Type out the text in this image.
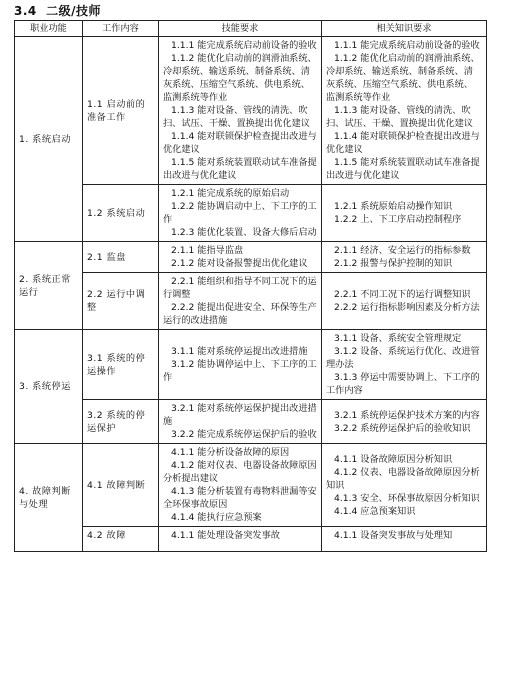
3.4 二级/技师
职业功能	工作内容	技能要求	相关知识要求
1. 系统启动	1.1 启动前的准备工作	1.1.1 能完成系统启动前设备的验收
1.1.2 能优化启动前的润滑油系统、冷却系统、输送系统、制备系统、清灰系统、压缩空气系统、供电系统、监测系统等作业
1.1.3 能对设备、管线的清洗、吹扫、试压、干燥、置换提出优化建议
1.1.4 能对联锁保护检查提出改进与优化建议
1.1.5 能对系统装置联动试车准备提出改进与优化建议	1.1.1 能完成系统启动前设备的验收
1.1.2 能优化启动前的润滑油系统、冷却系统、输送系统、制备系统、清灰系统、压缩空气系统、供电系统、监测系统等作业
1.1.3 能对设备、管线的清洗、吹扫、试压、干燥、置换提出优化建议
1.1.4 能对联锁保护检查提出改进与优化建议
1.1.5 能对系统装置联动试车准备提出改进与优化建议

	1.2 系统启动	1.2.1 能完成系统的原始启动
1.2.2 能协调启动中上、下工序的工作
1.2.3 能优化装置、设备大修后启动	1.2.1 系统原始启动操作知识
1.2.2 上、下工序启动控制程序

2. 系统正常运行	2.1 监盘	2.1.1 能指导监盘
2.1.2 能对设备报警提出优化建议	2.1.1 经济、安全运行的指标参数
2.1.2 报警与保护控制的知识

	2.2 运行中调整	2.2.1 能组织和指导不同工况下的运行调整
2.2.2 能提出促进安全、环保等生产运行的改进措施	2.2.1 不同工况下的运行调整知识
2.2.2 运行指标影响因素及分析方法

3. 系统停运	3.1 系统的停运操作	3.1.1 能对系统停运提出改进措施
3.1.2 能协调停运中上、下工序的工作	3.1.1 设备、系统安全管理规定
3.1.2 设备、系统运行优化、改进管理办法
3.1.3 停运中需要协调上、下工序的工作内容

	3.2 系统的停运保护	3.2.1 能对系统停运保护提出改进措施
3.2.2 能完成系统停运保护后的验收	3.2.1 系统停运保护技术方案的内容
3.2.2 系统停运保护后的验收知识

4. 故障判断与处理	4.1 故障判断	4.1.1 能分析设备故障的原因
4.1.2 能对仪表、电器设备故障原因分析提出建议
4.1.3 能分析装置有毒物料泄漏等安全环保事故原因
4.1.4 能执行应急预案	4.1.1 设备故障原因分析知识
4.1.2 仪表、电器设备故障原因分析知识
4.1.3 安全、环保事故原因分析知识
4.1.4 应急预案知识

	4.2 故障	4.1.1 能处理设备突发事故	4.1.1 设备突发事故与处理知
